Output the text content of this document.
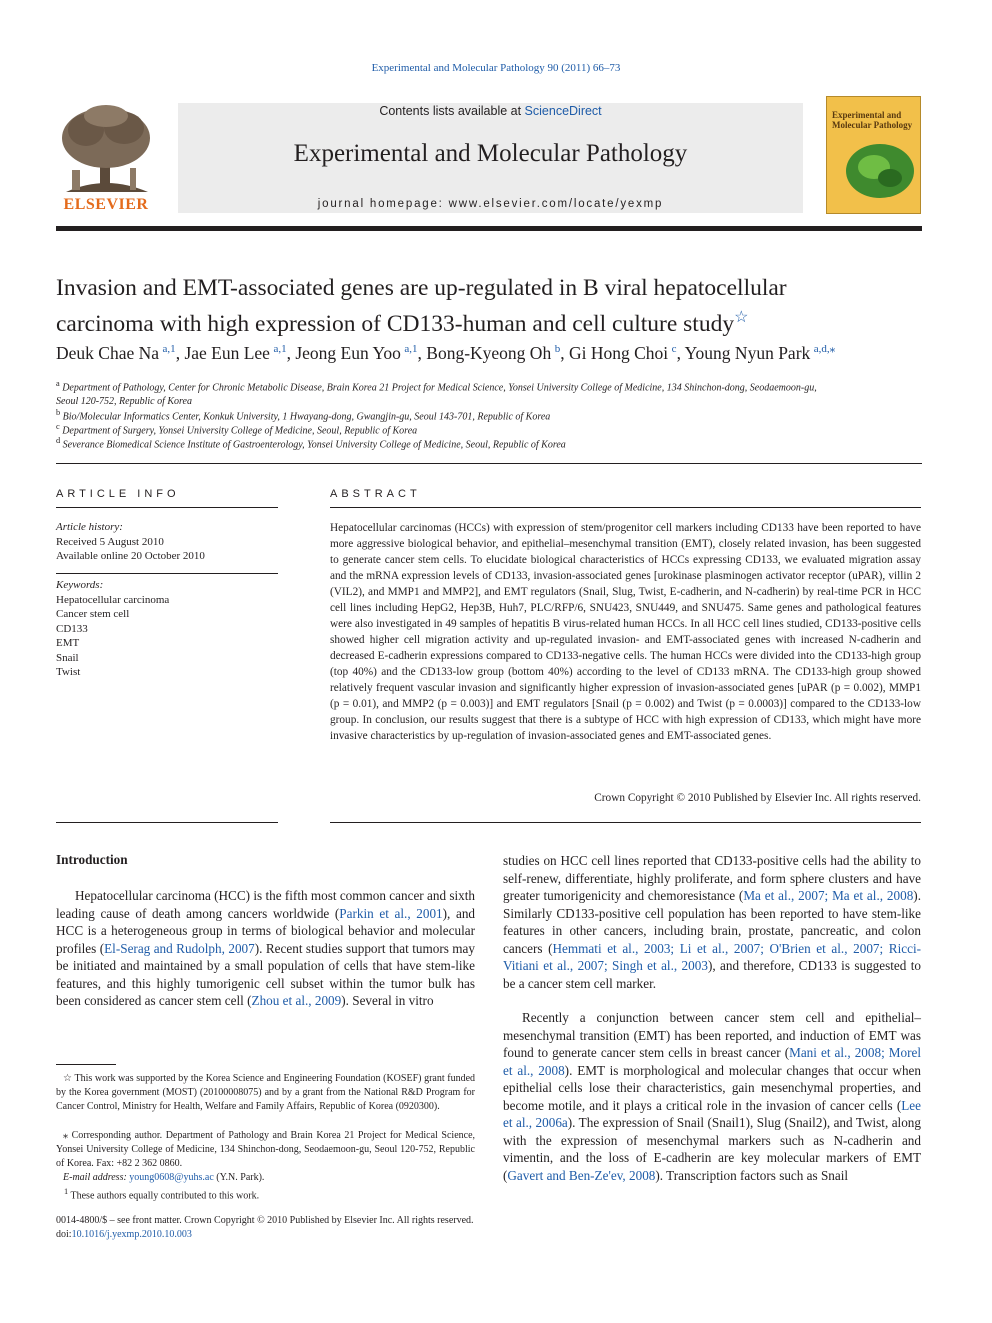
Experimental and Molecular Pathology 90 (2011) 66–73
ELSEVIER
Contents lists available at ScienceDirect
Experimental and Molecular Pathology
journal homepage: www.elsevier.com/locate/yexmp
Experimental and Molecular Pathology
Invasion and EMT-associated genes are up-regulated in B viral hepatocellular
carcinoma with high expression of CD133-human and cell culture study☆
Deuk Chae Na  $^{a,1}$, Jae Eun Lee  $^{a,1}$, Jeong Eun Yoo  $^{a,1}$, Bong-Kyeong Oh  $^b$, Gi Hong Choi  $^c$, Young Nyun Park  $^{a,d,⁎}$
$^a$ Department of Pathology, Center for Chronic Metabolic Disease, Brain Korea 21 Project for Medical Science, Yonsei University College of Medicine, 134 Shinchon-dong, Seodaemoon-gu,
Seoul 120-752, Republic of Korea
$^b$ Bio/Molecular Informatics Center, Konkuk University, 1 Hwayang-dong, Gwangjin-gu, Seoul 143-701, Republic of Korea
$^c$ Department of Surgery, Yonsei University College of Medicine, Seoul, Republic of Korea
$^d$ Severance Biomedical Science Institute of Gastroenterology, Yonsei University College of Medicine, Seoul, Republic of Korea
ARTICLE INFO
Article history:
Received 5 August 2010
Available online 20 October 2010
Keywords:
Hepatocellular carcinoma
Cancer stem cell
CD133
EMT
Snail
Twist
ABSTRACT
Hepatocellular carcinomas (HCCs) with expression of stem/progenitor cell markers including CD133 have been reported to have more aggressive biological behavior, and epithelial–mesenchymal transition (EMT), closely related invasion, has been suggested to generate cancer stem cells. To elucidate biological characteristics of HCCs expressing CD133, we evaluated migration assay and the mRNA expression levels of CD133, invasion-associated genes [urokinase plasminogen activator receptor (uPAR), villin 2 (VIL2), and MMP1 and MMP2], and EMT regulators (Snail, Slug, Twist, E-cadherin, and N-cadherin) by real-time PCR in HCC cell lines including HepG2, Hep3B, Huh7, PLC/RFP/6, SNU423, SNU449, and SNU475. Same genes and pathological features were also investigated in 49 samples of hepatitis B virus-related human HCCs. In all HCC cell lines studied, CD133-positive cells showed higher cell migration activity and up-regulated invasion- and EMT-associated genes with increased N-cadherin and decreased E-cadherin expressions compared to CD133-negative cells. The human HCCs were divided into the CD133-high group (top 40%) and the CD133-low group (bottom 40%) according to the level of CD133 mRNA. The CD133-high group showed relatively frequent vascular invasion and significantly higher expression of invasion-associated genes [uPAR (p = 0.002), MMP1 (p = 0.01), and MMP2 (p = 0.003)] and EMT regulators [Snail (p = 0.002) and Twist (p = 0.0003)] compared to the CD133-low group. In conclusion, our results suggest that there is a subtype of HCC with high expression of CD133, which might have more invasive characteristics by up-regulation of invasion-associated genes and EMT-associated genes.
Crown Copyright © 2010 Published by Elsevier Inc. All rights reserved.
Introduction
Hepatocellular carcinoma (HCC) is the fifth most common cancer and sixth leading cause of death among cancers worldwide (Parkin et al., 2001), and HCC is a heterogeneous group in terms of biological behavior and molecular profiles (El-Serag and Rudolph, 2007). Recent studies support that tumors may be initiated and maintained by a small population of cells that have stem-like features, and this highly tumorigenic cell subset within the tumor bulk has been considered as cancer stem cell (Zhou et al., 2009). Several in vitro
☆ This work was supported by the Korea Science and Engineering Foundation (KOSEF) grant funded by the Korea government (MOST) (20100008075) and by a grant from the National R&D Program for Cancer Control, Ministry for Health, Welfare and Family Affairs, Republic of Korea (0920300).
⁎ Corresponding author. Department of Pathology and Brain Korea 21 Project for Medical Science, Yonsei University College of Medicine, 134 Shinchon-dong, Seodaemoon-gu, Seoul 120-752, Republic of Korea. Fax: +82 2 362 0860.
E-mail address: young0608@yuhs.ac (Y.N. Park).
$^1$ These authors equally contributed to this work.
studies on HCC cell lines reported that CD133-positive cells had the ability to self-renew, differentiate, highly proliferate, and form sphere clusters and have greater tumorigenicity and chemoresistance (Ma et al., 2007; Ma et al., 2008). Similarly CD133-positive cell population has been reported to have stem-like features in other cancers, including brain, prostate, pancreatic, and colon cancers (Hemmati et al., 2003; Li et al., 2007; O'Brien et al., 2007; Ricci-Vitiani et al., 2007; Singh et al., 2003), and therefore, CD133 is suggested to be a cancer stem cell marker.
Recently a conjunction between cancer stem cell and epithelial–mesenchymal transition (EMT) has been reported, and induction of EMT was found to generate cancer stem cells in breast cancer (Mani et al., 2008; Morel et al., 2008). EMT is morphological and molecular changes that occur when epithelial cells lose their characteristics, gain mesenchymal properties, and become motile, and it plays a critical role in the invasion of cancer cells (Lee et al., 2006a). The expression of Snail (Snail1), Slug (Snail2), and Twist, along with the expression of mesenchymal markers such as N-cadherin and vimentin, and the loss of E-cadherin are key molecular markers of EMT (Gavert and Ben-Ze'ev, 2008). Transcription factors such as Snail
0014-4800/$ – see front matter. Crown Copyright © 2010 Published by Elsevier Inc. All rights reserved.
doi:10.1016/j.yexmp.2010.10.003
